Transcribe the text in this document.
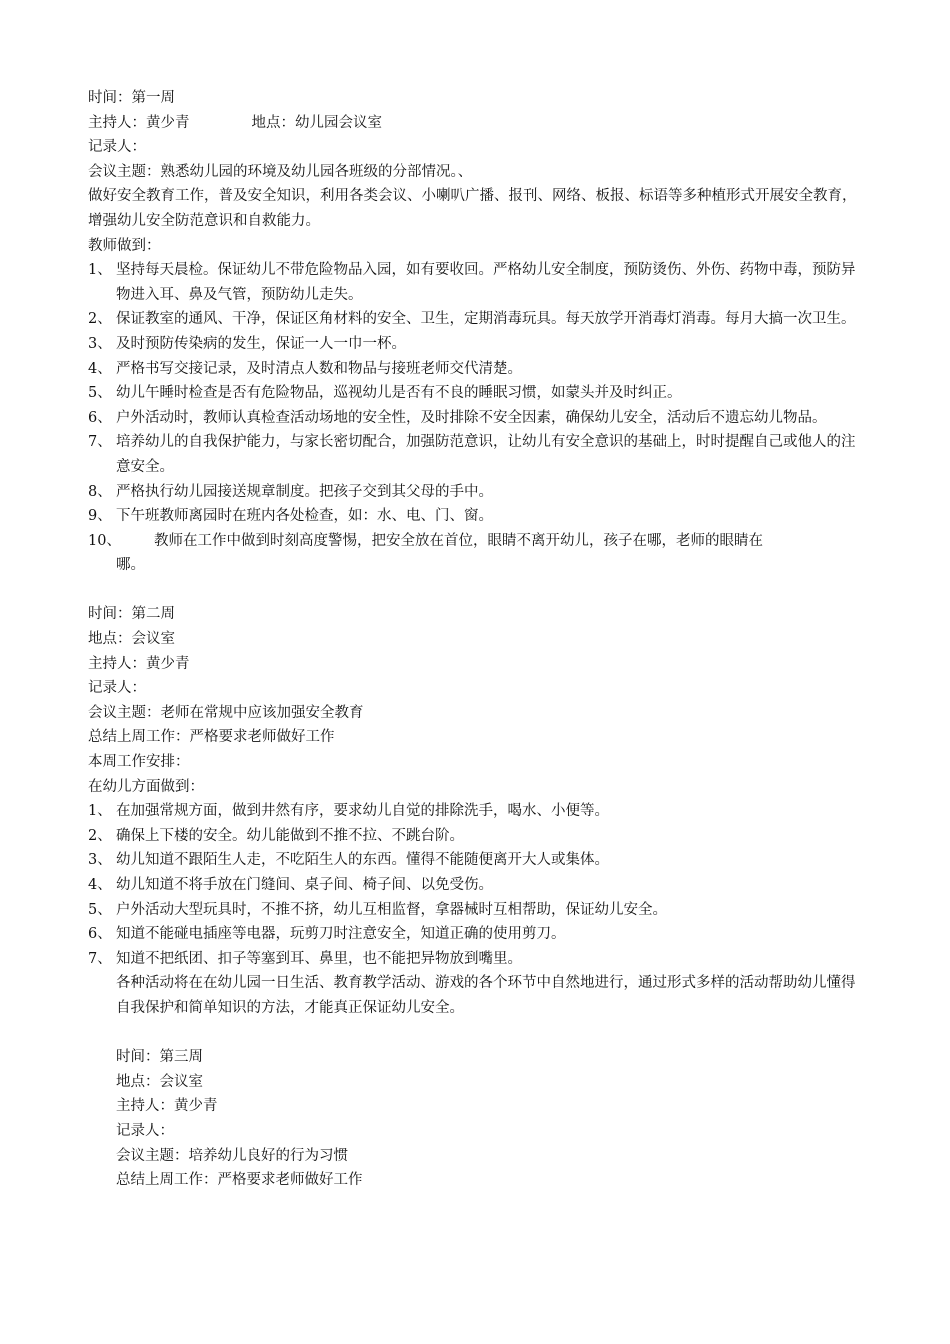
时间：第一周
主持人：黄少青	地点：幼儿园会议室
记录人：
会议主题：熟悉幼儿园的环境及幼儿园各班级的分部情况。、
做好安全教育工作，普及安全知识，利用各类会议、小喇叭广播、报刊、网络、板报、标语等多种植形式开展安全教育，增强幼儿安全防范意识和自救能力。
教师做到：
1、 坚持每天晨检。保证幼儿不带危险物品入园，如有要收回。严格幼儿安全制度，预防烫伤、外伤、药物中毒，预防异物进入耳、鼻及气管，预防幼儿走失。
2、 保证教室的通风、干净，保证区角材料的安全、卫生，定期消毒玩具。每天放学开消毒灯消毒。每月大搞一次卫生。
3、 及时预防传染病的发生，保证一人一巾一杯。
4、 严格书写交接记录，及时清点人数和物品与接班老师交代清楚。
5、 幼儿午睡时检查是否有危险物品，巡视幼儿是否有不良的睡眠习惯，如蒙头并及时纠正。
6、 户外活动时，教师认真检查活动场地的安全性，及时排除不安全因素，确保幼儿安全，活动后不遗忘幼儿物品。
7、 培养幼儿的自我保护能力，与家长密切配合，加强防范意识，让幼儿有安全意识的基础上，时时提醒自己或他人的注意安全。
8、 严格执行幼儿园接送规章制度。把孩子交到其父母的手中。
9、 下午班教师离园时在班内各处检查，如：水、电、门、窗。
10、	教师在工作中做到时刻高度警惕，把安全放在首位，眼睛不离开幼儿，孩子在哪，老师的眼睛在
哪。
时间：第二周
地点：会议室
主持人：黄少青
记录人：
会议主题：老师在常规中应该加强安全教育
总结上周工作：严格要求老师做好工作
本周工作安排：
在幼儿方面做到：
1、 在加强常规方面，做到井然有序，要求幼儿自觉的排除洗手，喝水、小便等。
2、 确保上下楼的安全。幼儿能做到不推不拉、不跳台阶。
3、 幼儿知道不跟陌生人走，不吃陌生人的东西。懂得不能随便离开大人或集体。
4、 幼儿知道不将手放在门缝间、桌子间、椅子间、以免受伤。
5、 户外活动大型玩具时，不推不挤，幼儿互相监督，拿器械时互相帮助，保证幼儿安全。
6、 知道不能碰电插座等电器，玩剪刀时注意安全，知道正确的使用剪刀。
7、 知道不把纸团、扣子等塞到耳、鼻里，也不能把异物放到嘴里。
各种活动将在在幼儿园一日生活、教育教学活动、游戏的各个环节中自然地进行，通过形式多样的活动帮助幼儿懂得自我保护和简单知识的方法，才能真正保证幼儿安全。
时间：第三周
地点：会议室
主持人：黄少青
记录人：
会议主题：培养幼儿良好的行为习惯
总结上周工作：严格要求老师做好工作
